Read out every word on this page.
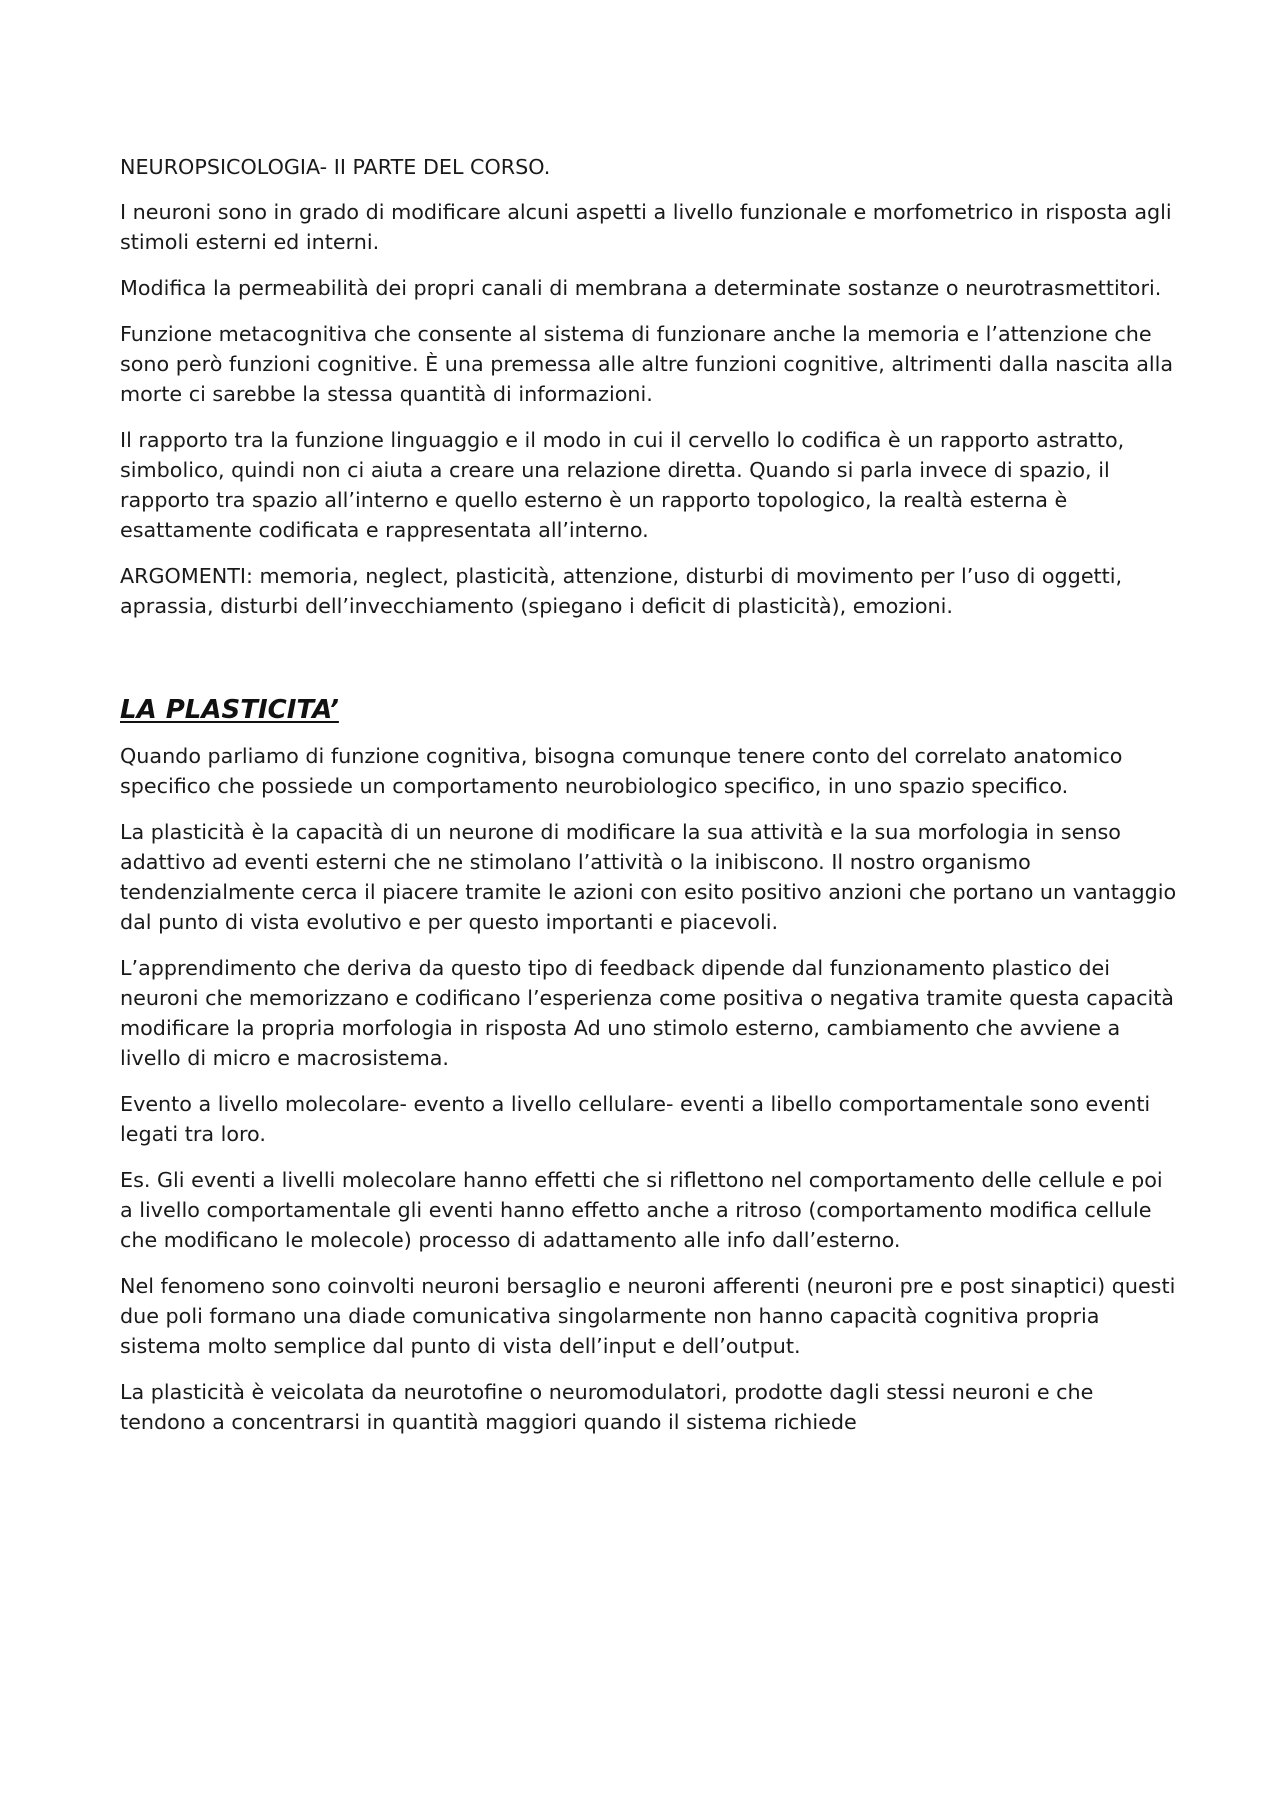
NEUROPSICOLOGIA- II PARTE DEL CORSO.

I neuroni sono in grado di modificare alcuni aspetti a livello funzionale e morfometrico in risposta agli stimoli esterni ed interni.

Modifica la permeabilità dei propri canali di membrana a determinate sostanze o neurotrasmettitori.

Funzione metacognitiva che consente al sistema di funzionare anche la memoria e l’attenzione che sono però funzioni cognitive. È una premessa alle altre funzioni cognitive, altrimenti dalla nascita alla morte ci sarebbe la stessa quantità di informazioni.

Il rapporto tra la funzione linguaggio e il modo in cui il cervello lo codifica è un rapporto astratto, simbolico, quindi non ci aiuta a creare una relazione diretta. Quando si parla invece di spazio, il rapporto tra spazio all’interno e quello esterno è un rapporto topologico, la realtà esterna è esattamente codificata e rappresentata all’interno.

ARGOMENTI: memoria, neglect, plasticità, attenzione, disturbi di movimento per l’uso di oggetti, aprassia, disturbi dell’invecchiamento (spiegano i deficit di plasticità), emozioni.

LA PLASTICITA’

Quando parliamo di funzione cognitiva, bisogna comunque tenere conto del correlato anatomico specifico che possiede un comportamento neurobiologico specifico, in uno spazio specifico.

La plasticità è la capacità di un neurone di modificare la sua attività e la sua morfologia in senso adattivo ad eventi esterni che ne stimolano l’attività o la inibiscono. Il nostro organismo tendenzialmente cerca il piacere tramite le azioni con esito positivo anzioni che portano un vantaggio dal punto di vista evolutivo e per questo importanti e piacevoli.

L’apprendimento che deriva da questo tipo di feedback dipende dal funzionamento plastico dei neuroni che memorizzano e codificano l’esperienza come positiva o negativa tramite questa capacità modificare la propria morfologia in risposta Ad uno stimolo esterno, cambiamento che avviene a livello di micro e macrosistema.

Evento a livello molecolare- evento a livello cellulare- eventi a libello comportamentale sono eventi legati tra loro.

Es. Gli eventi a livelli molecolare hanno effetti che si riflettono nel comportamento delle cellule e poi a livello comportamentale gli eventi hanno effetto anche a ritroso (comportamento modifica cellule che modificano le molecole) processo di adattamento alle info dall’esterno.

Nel fenomeno sono coinvolti neuroni bersaglio e neuroni afferenti (neuroni pre e post sinaptici) questi due poli formano una diade comunicativa singolarmente non hanno capacità cognitiva propria sistema molto semplice dal punto di vista dell’input e dell’output.

La plasticità è veicolata da neurotofine o neuromodulatori, prodotte dagli stessi neuroni e che tendono a concentrarsi in quantità maggiori quando il sistema richiede
